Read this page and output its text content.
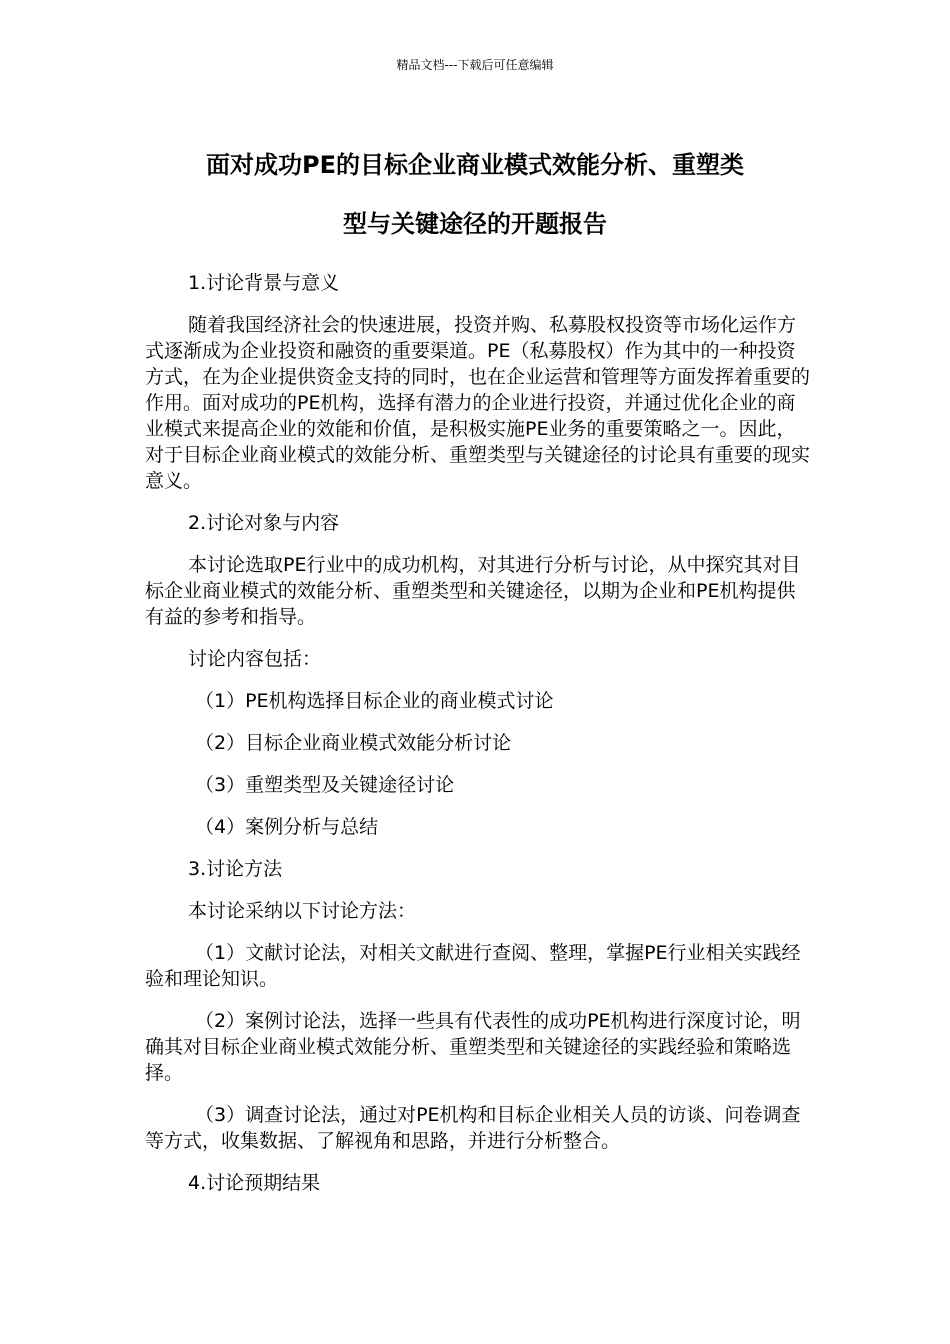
精品文档---下载后可任意编辑
面对成功PE的目标企业商业模式效能分析、重塑类
型与关键途径的开题报告

1.讨论背景与意义

随着我国经济社会的快速进展，投资并购、私募股权投资等市场化运作方式逐渐成为企业投资和融资的重要渠道。PE（私募股权）作为其中的一种投资方式，在为企业提供资金支持的同时，也在企业运营和管理等方面发挥着重要的作用。面对成功的PE机构，选择有潜力的企业进行投资，并通过优化企业的商业模式来提高企业的效能和价值，是积极实施PE业务的重要策略之一。因此，对于目标企业商业模式的效能分析、重塑类型与关键途径的讨论具有重要的现实意义。

2.讨论对象与内容

本讨论选取PE行业中的成功机构，对其进行分析与讨论，从中探究其对目标企业商业模式的效能分析、重塑类型和关键途径，以期为企业和PE机构提供有益的参考和指导。

讨论内容包括：

（1）PE机构选择目标企业的商业模式讨论

（2）目标企业商业模式效能分析讨论

（3）重塑类型及关键途径讨论

（4）案例分析与总结

3.讨论方法

本讨论采纳以下讨论方法：

（1）文献讨论法，对相关文献进行查阅、整理，掌握PE行业相关实践经验和理论知识。

（2）案例讨论法，选择一些具有代表性的成功PE机构进行深度讨论，明确其对目标企业商业模式效能分析、重塑类型和关键途径的实践经验和策略选择。

（3）调查讨论法，通过对PE机构和目标企业相关人员的访谈、问卷调查等方式，收集数据、了解视角和思路，并进行分析整合。

4.讨论预期结果
